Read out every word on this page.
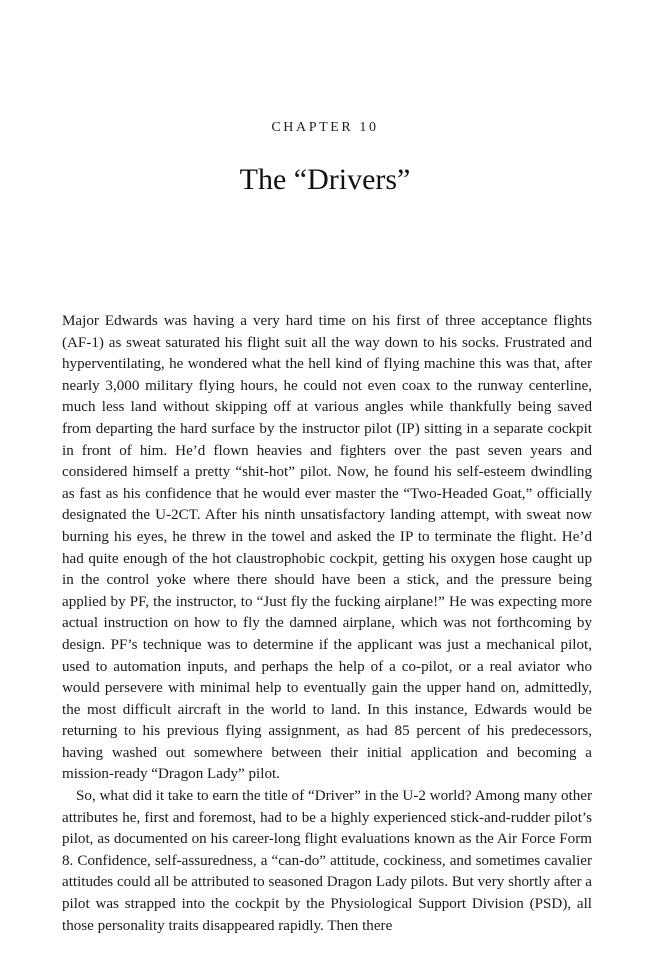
CHAPTER 10
The “Drivers”

Major Edwards was having a very hard time on his first of three acceptance flights (AF-1) as sweat saturated his flight suit all the way down to his socks. Frustrated and hyperventilating, he wondered what the hell kind of flying machine this was that, after nearly 3,000 military flying hours, he could not even coax to the runway centerline, much less land without skipping off at various angles while thankfully being saved from departing the hard surface by the instructor pilot (IP) sitting in a separate cockpit in front of him. He’d flown heavies and fighters over the past seven years and considered himself a pretty “shit-hot” pilot. Now, he found his self-esteem dwindling as fast as his confidence that he would ever master the “Two-Headed Goat,” officially designated the U-2CT. After his ninth unsatisfactory landing attempt, with sweat now burning his eyes, he threw in the towel and asked the IP to terminate the flight. He’d had quite enough of the hot claustrophobic cockpit, getting his oxygen hose caught up in the control yoke where there should have been a stick, and the pressure being applied by PF, the instructor, to “Just fly the fucking airplane!” He was expecting more actual instruction on how to fly the damned airplane, which was not forthcoming by design. PF’s technique was to determine if the applicant was just a mechanical pilot, used to automation inputs, and perhaps the help of a co-pilot, or a real aviator who would persevere with minimal help to eventually gain the upper hand on, admittedly, the most difficult aircraft in the world to land. In this instance, Edwards would be returning to his previous flying assignment, as had 85 percent of his predecessors, having washed out somewhere between their initial application and becoming a mission-ready “Dragon Lady” pilot.

So, what did it take to earn the title of “Driver” in the U-2 world? Among many other attributes he, first and foremost, had to be a highly experienced stick-and-rudder pilot’s pilot, as documented on his career-long flight evaluations known as the Air Force Form 8. Confidence, self-assuredness, a “can-do” attitude, cockiness, and sometimes cavalier attitudes could all be attributed to seasoned Dragon Lady pilots. But very shortly after a pilot was strapped into the cockpit by the Physiological Support Division (PSD), all those personality traits disappeared rapidly. Then there
